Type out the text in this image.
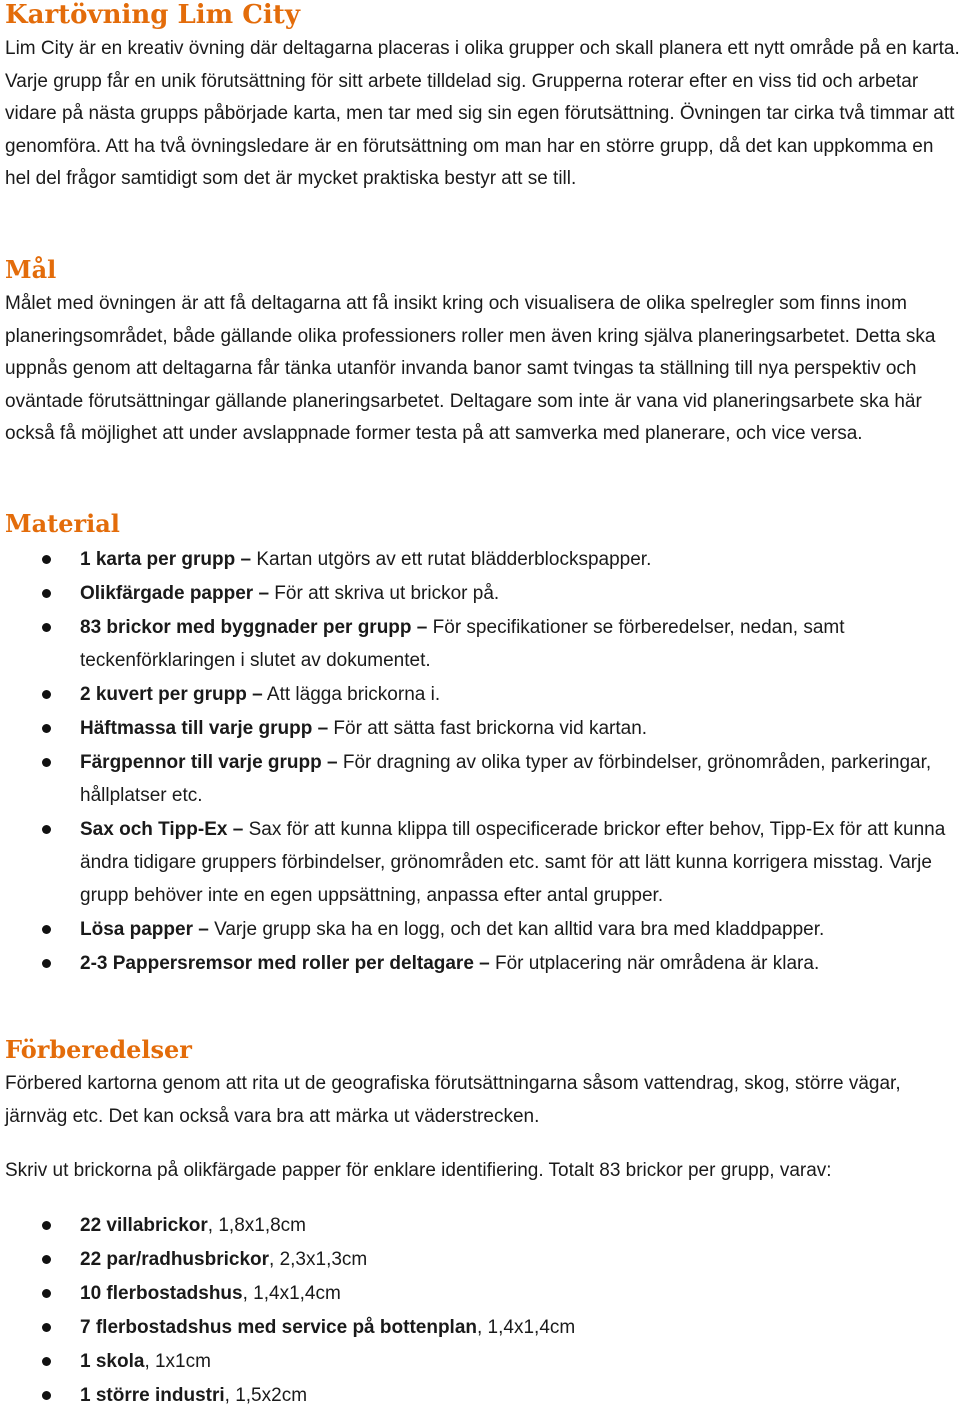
Kartövning Lim City

Lim City är en kreativ övning där deltagarna placeras i olika grupper och skall planera ett nytt område på en karta. Varje grupp får en unik förutsättning för sitt arbete tilldelad sig. Grupperna roterar efter en viss tid och arbetar vidare på nästa grupps påbörjade karta, men tar med sig sin egen förutsättning. Övningen tar cirka två timmar att genomföra. Att ha två övningsledare är en förutsättning om man har en större grupp, då det kan uppkomma en hel del frågor samtidigt som det är mycket praktiska bestyr att se till.

Mål

Målet med övningen är att få deltagarna att få insikt kring och visualisera de olika spelregler som finns inom planeringsområdet, både gällande olika professioners roller men även kring själva planeringsarbetet. Detta ska uppnås genom att deltagarna får tänka utanför invanda banor samt tvingas ta ställning till nya perspektiv och oväntade förutsättningar gällande planeringsarbetet. Deltagare som inte är vana vid planeringsarbete ska här också få möjlighet att under avslappnade former testa på att samverka med planerare, och vice versa.

Material
1 karta per grupp – Kartan utgörs av ett rutat blädderblockspapper.
Olikfärgade papper – För att skriva ut brickor på.
83 brickor med byggnader per grupp – För specifikationer se förberedelser, nedan, samt teckenförklaringen i slutet av dokumentet.
2 kuvert per grupp – Att lägga brickorna i.
Häftmassa till varje grupp – För att sätta fast brickorna vid kartan.
Färgpennor till varje grupp – För dragning av olika typer av förbindelser, grönområden, parkeringar, hållplatser etc.
Sax och Tipp-Ex – Sax för att kunna klippa till ospecificerade brickor efter behov, Tipp-Ex för att kunna ändra tidigare gruppers förbindelser, grönområden etc. samt för att lätt kunna korrigera misstag. Varje grupp behöver inte en egen uppsättning, anpassa efter antal grupper.
Lösa papper – Varje grupp ska ha en logg, och det kan alltid vara bra med kladdpapper.
2-3 Pappersremsor med roller per deltagare – För utplacering när områdena är klara.
Förberedelser

Förbered kartorna genom att rita ut de geografiska förutsättningarna såsom vattendrag, skog, större vägar, järnväg etc. Det kan också vara bra att märka ut väderstrecken.

Skriv ut brickorna på olikfärgade papper för enklare identifiering. Totalt 83 brickor per grupp, varav:

22 villabrickor, 1,8x1,8cm
22 par/radhusbrickor, 2,3x1,3cm
10 flerbostadshus, 1,4x1,4cm
7 flerbostadshus med service på bottenplan, 1,4x1,4cm
1 skola, 1x1cm
1 större industri, 1,5x2cm
